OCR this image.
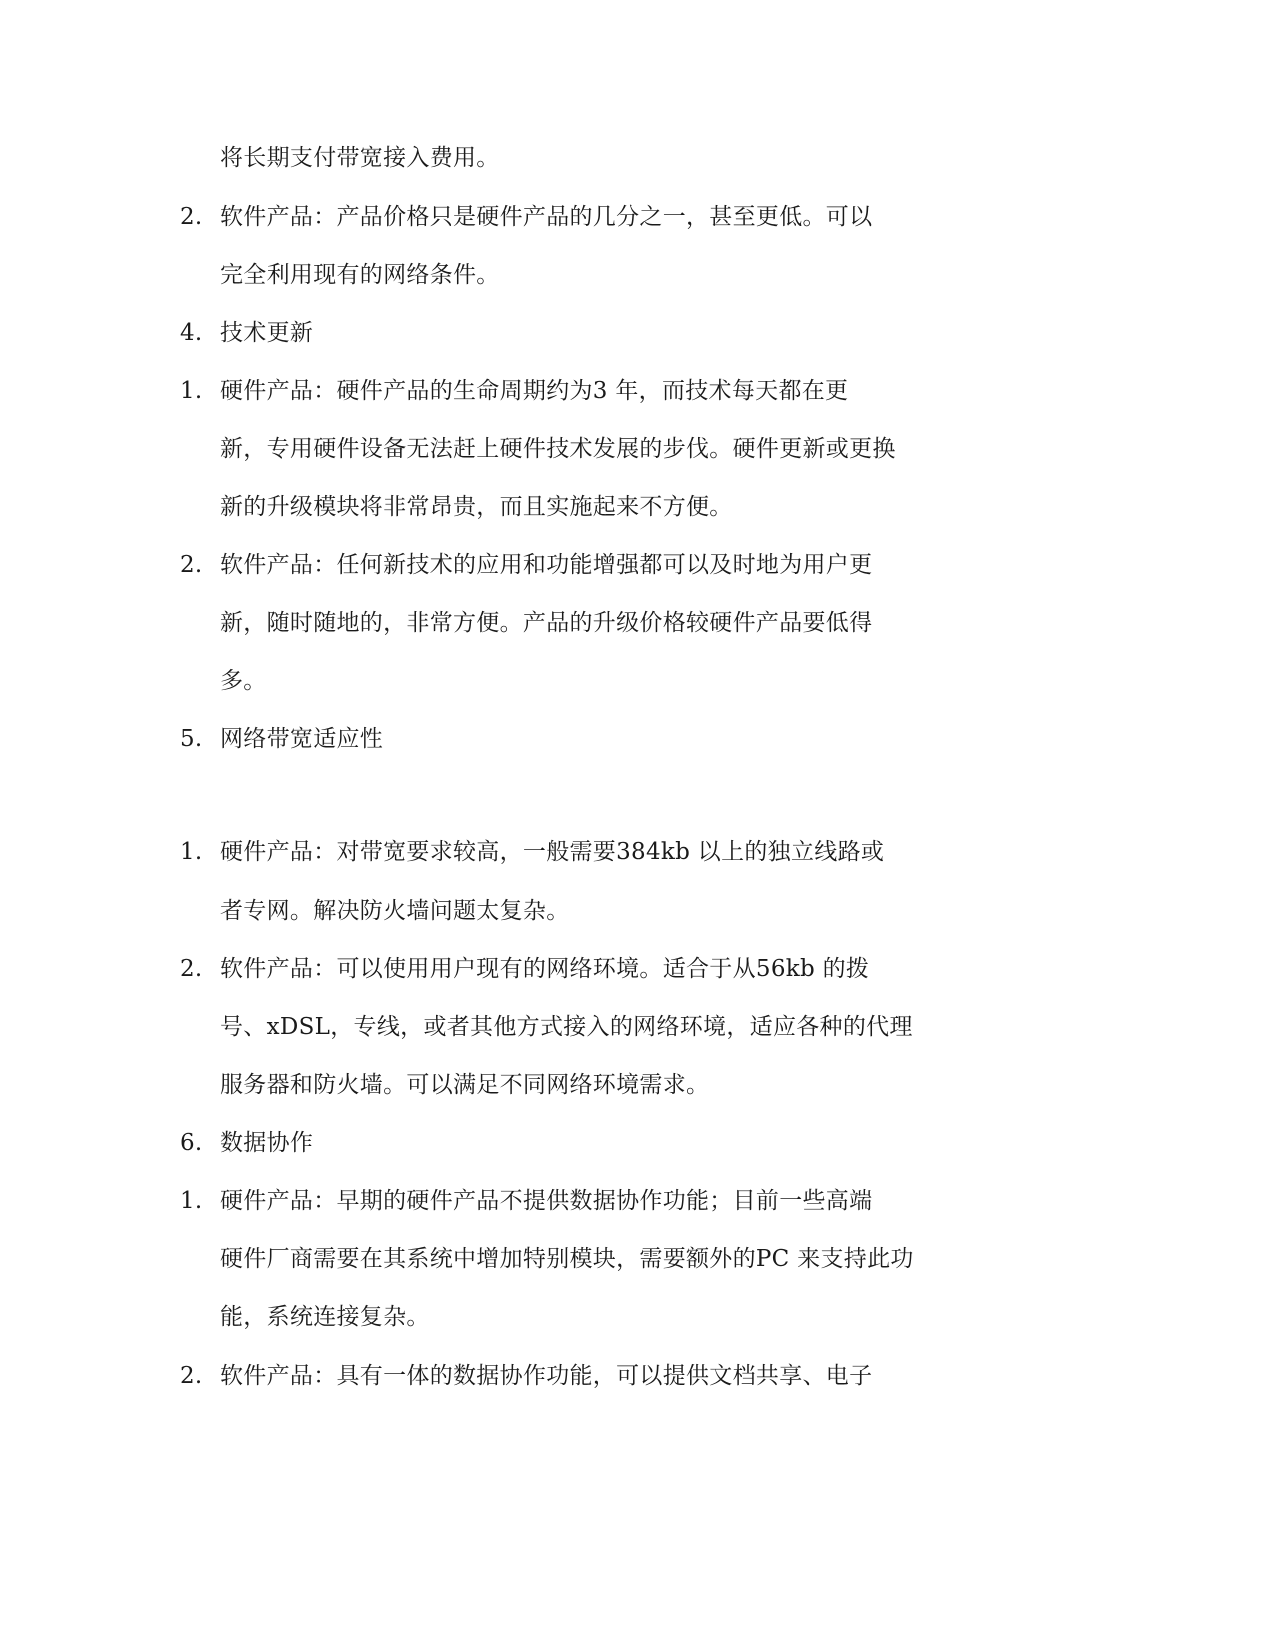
将长期支付带宽接入费用。
2. 软件产品：产品价格只是硬件产品的几分之一，甚至更低。可以
完全利用现有的网络条件。
4. 技术更新
1. 硬件产品：硬件产品的生命周期约为3 年，而技术每天都在更
新，专用硬件设备无法赶上硬件技术发展的步伐。硬件更新或更换
新的升级模块将非常昂贵，而且实施起来不方便。
2. 软件产品：任何新技术的应用和功能增强都可以及时地为用户更
新，随时随地的，非常方便。产品的升级价格较硬件产品要低得
多。
5. 网络带宽适应性
1. 硬件产品：对带宽要求较高，一般需要384kb 以上的独立线路或
者专网。解决防火墙问题太复杂。
2. 软件产品：可以使用用户现有的网络环境。适合于从56kb 的拨
号、xDSL，专线，或者其他方式接入的网络环境，适应各种的代理
服务器和防火墙。可以满足不同网络环境需求。
6. 数据协作
1. 硬件产品：早期的硬件产品不提供数据协作功能；目前一些高端
硬件厂商需要在其系统中增加特别模块，需要额外的PC 来支持此功
能，系统连接复杂。
2. 软件产品：具有一体的数据协作功能，可以提供文档共享、电子
